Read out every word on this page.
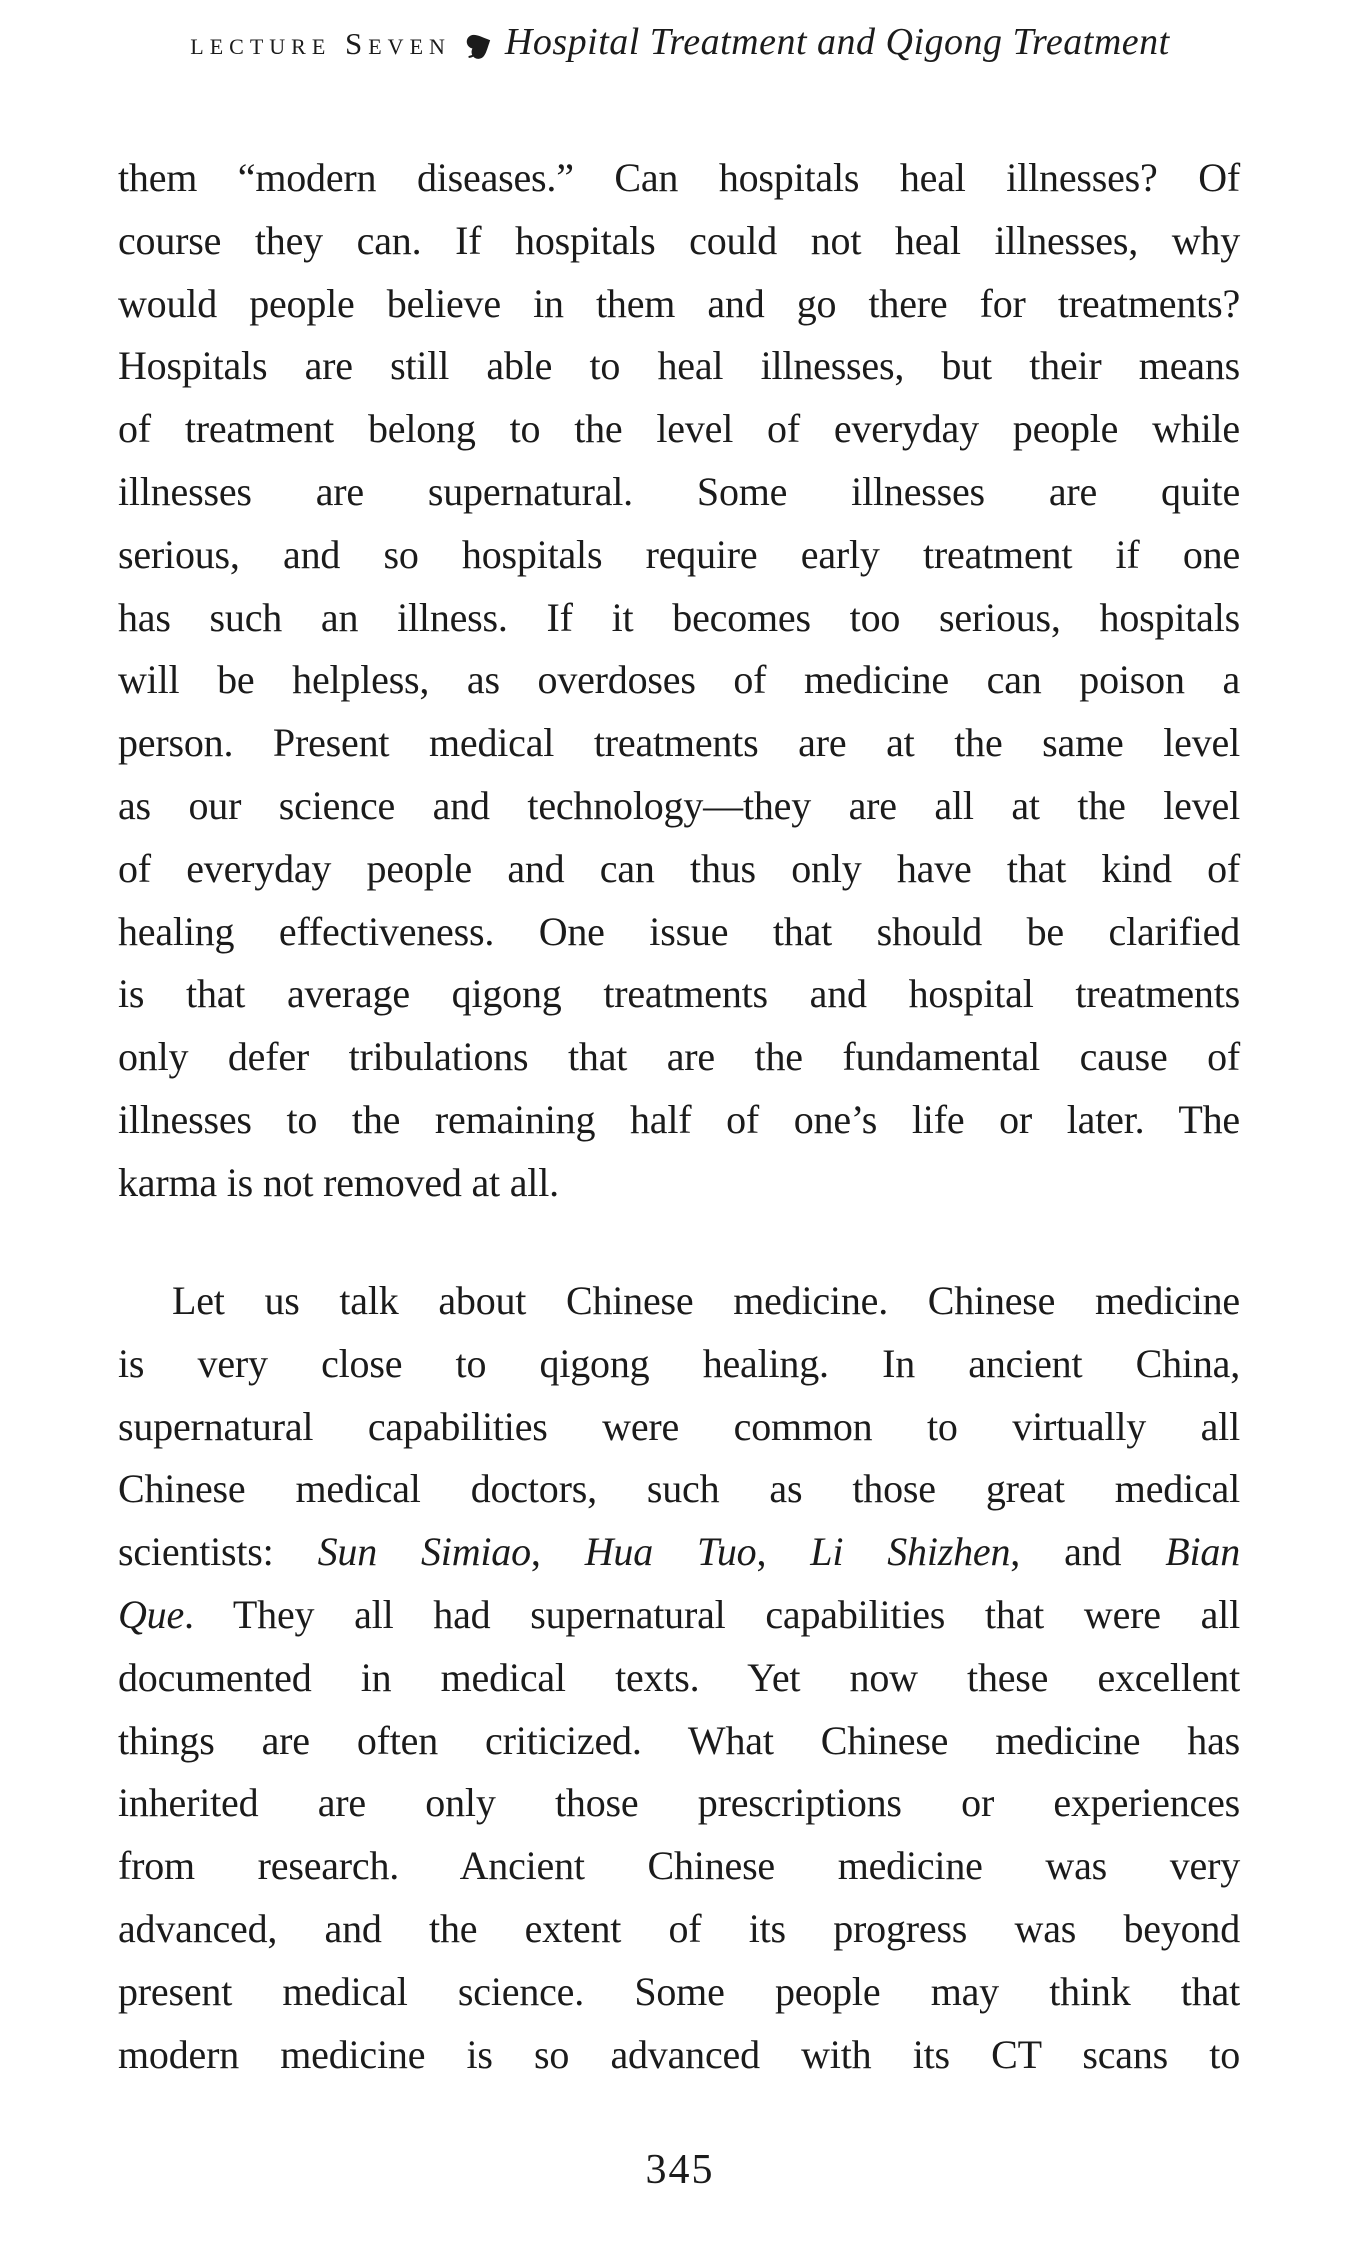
lecture Seven Hospital Treatment and Qigong Treatment
them “modern diseases.” Can hospitals heal illnesses? Of
course they can. If hospitals could not heal illnesses, why
would people believe in them and go there for treatments?
Hospitals are still able to heal illnesses, but their means
of treatment belong to the level of everyday people while
illnesses are supernatural. Some illnesses are quite
serious, and so hospitals require early treatment if one
has such an illness. If it becomes too serious, hospitals
will be helpless, as overdoses of medicine can poison a
person. Present medical treatments are at the same level
as our science and technology—they are all at the level
of everyday people and can thus only have that kind of
healing effectiveness. One issue that should be clarified
is that average qigong treatments and hospital treatments
only defer tribulations that are the fundamental cause of
illnesses to the remaining half of one’s life or later. The
karma is not removed at all.
Let us talk about Chinese medicine. Chinese medicine
is very close to qigong healing. In ancient China,
supernatural capabilities were common to virtually all
Chinese medical doctors, such as those great medical
scientists: Sun Simiao, Hua Tuo, Li Shizhen, and Bian
Que. They all had supernatural capabilities that were all
documented in medical texts. Yet now these excellent
things are often criticized. What Chinese medicine has
inherited are only those prescriptions or experiences
from research. Ancient Chinese medicine was very
advanced, and the extent of its progress was beyond
present medical science. Some people may think that
modern medicine is so advanced with its CT scans to
345
